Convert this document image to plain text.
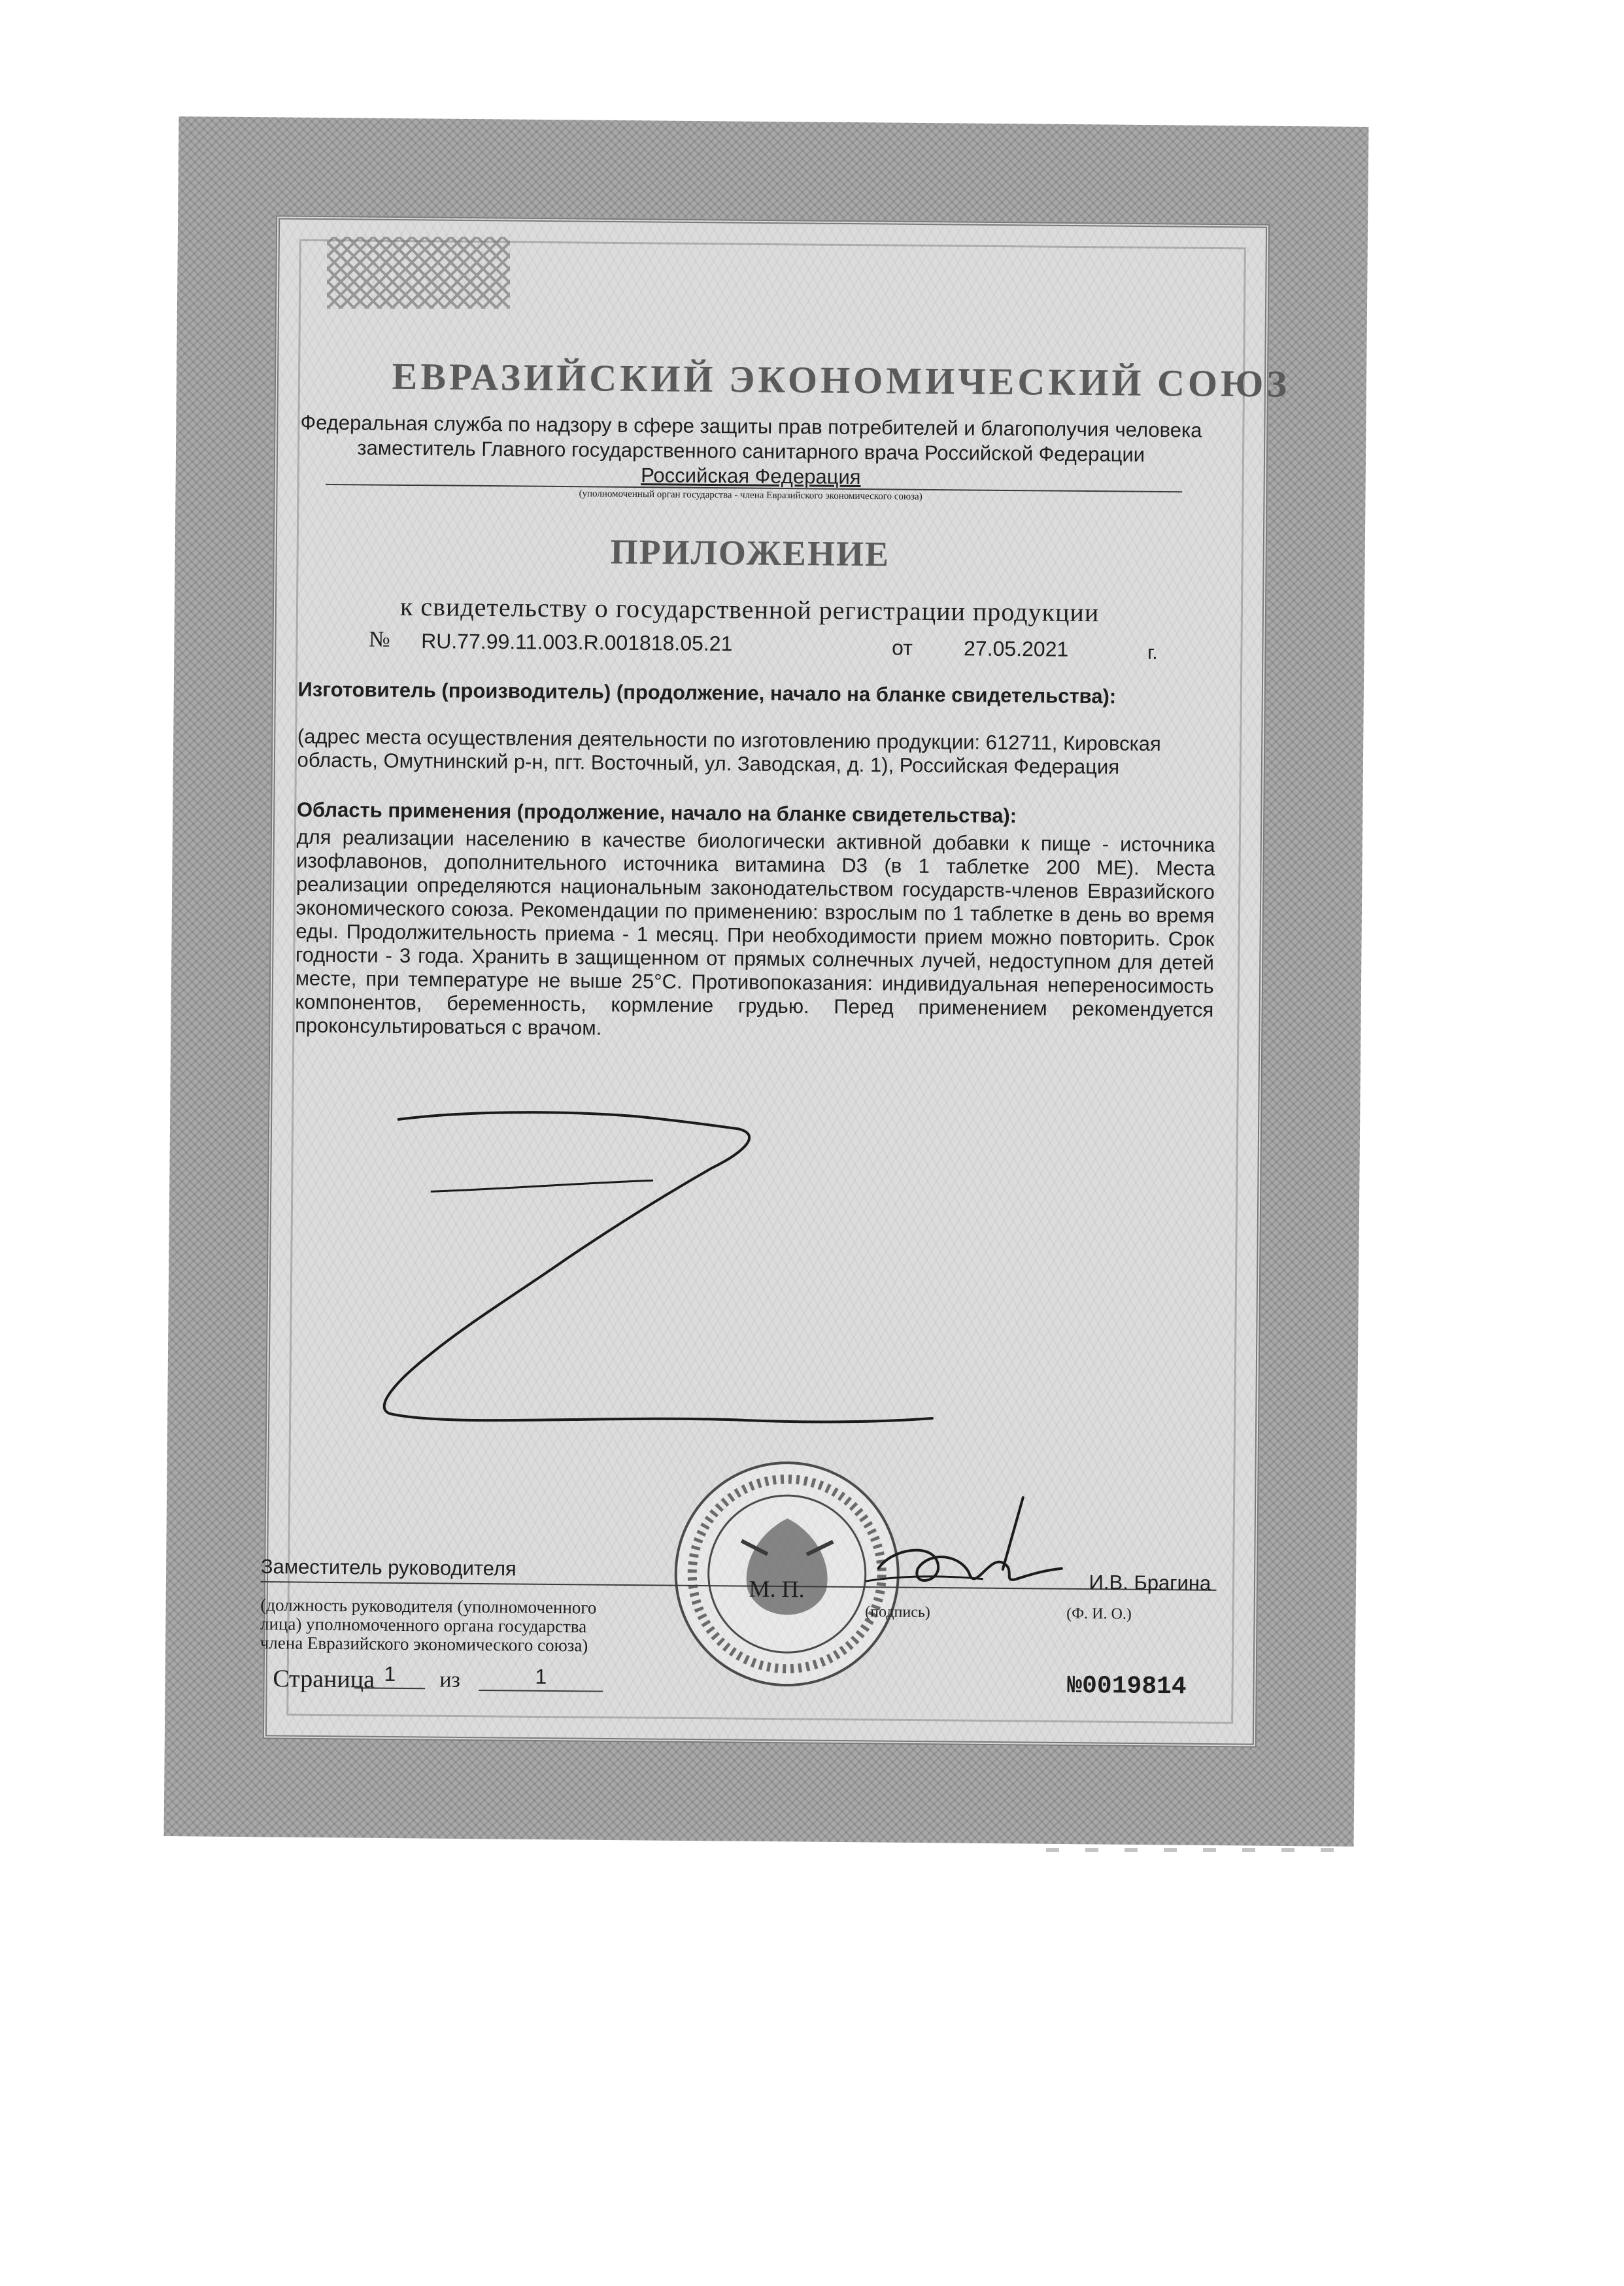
ЕВРАЗИЙСКИЙ ЭКОНОМИЧЕСКИЙ СОЮЗ
Федеральная служба по надзору в сфере защиты прав потребителей и благополучия человека
заместитель Главного государственного санитарного врача Российской Федерации
Российская Федерация
(уполномоченный орган государства - члена Евразийского экономического союза)
ПРИЛОЖЕНИЕ
к свидетельству о государственной регистрации продукции
№ RU.77.99.11.003.R.001818.05.21	от 27.05.2021	г.
Изготовитель (производитель) (продолжение, начало на бланке свидетельства):
(адрес места осуществления деятельности по изготовлению продукции: 612711, Кировская область, Омутнинский р-н, пгт. Восточный, ул. Заводская, д. 1), Российская Федерация
Область применения (продолжение, начало на бланке свидетельства):
для реализации населению в качестве биологически активной добавки к пище - источника изофлавонов, дополнительного источника витамина D3 (в 1 таблетке 200 МЕ). Места реализации определяются национальным законодательством государств-членов Евразийского экономического союза. Рекомендации по применению: взрослым по 1 таблетке в день во время еды. Продолжительность приема - 1 месяц. При необходимости прием можно повторить. Срок годности - 3 года. Хранить в защищенном от прямых солнечных лучей, недоступном для детей месте, при температуре не выше 25°С. Противопоказания: индивидуальная непереносимость компонентов, беременность, кормление грудью. Перед применением рекомендуется проконсультироваться с врачом.
Заместитель руководителя
(должность руководителя (уполномоченного
лица) уполномоченного органа государства
члена Евразийского экономического союза)
М. П.
(подпись)
И.В. Брагина
(Ф. И. О.)
Страница 1	из	1	№0019814
